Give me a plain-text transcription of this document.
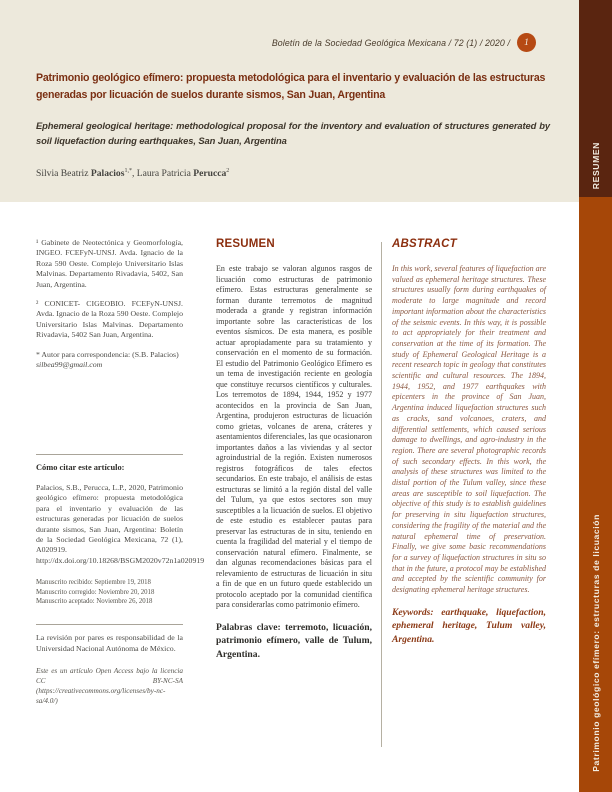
Boletín de la Sociedad Geológica Mexicana / 72 (1) / 2020 / 1
Patrimonio geológico efímero: propuesta metodológica para el inventario y evaluación de las estructuras generadas por licuación de suelos durante sismos, San Juan, Argentina
Ephemeral geological heritage: methodological proposal for the inventory and evaluation of structures generated by soil liquefaction during earthquakes, San Juan, Argentina
Silvia Beatriz Palacios$^{1,*}$, Laura Patricia Perucca$^2$	RESUMEN
Patrimonio geológico efímero: estructuras de licuación

¹ Gabinete de Neotectónica y Geomorfología, INGEO. FCEFyN-UNSJ. Avda. Ignacio de la Roza 590 Oeste. Complejo Universitario Islas Malvinas. Departamento Rivadavia, 5402, San Juan, Argentina.

² CONICET- CIGEOBIO. FCEFyN-UNSJ. Avda. Ignacio de la Roza 590 Oeste. Complejo Universitario Islas Malvinas. Departamento Rivadavia, 5402 San Juan, Argentina.

* Autor para correspondencia: (S.B. Palacios)

silbea99@gmail.com

Cómo citar este artículo:

Palacios, S.B., Perucca, L.P., 2020, Patrimonio geológico efímero: propuesta metodológica para el inventario y evaluación de las estructuras generadas por licuación de suelos durante sismos, San Juan, Argentina: Boletín de la Sociedad Geológica Mexicana, 72 (1), A020919. http://dx.doi.org/10.18268/BSGM2020v72n1a020919

Manuscrito recibido: Septiembre 19, 2018
Manuscrito corregido: Noviembre 20, 2018
Manuscrito aceptado: Noviembre 26, 2018

La revisión por pares es responsabilidad de la Universidad Nacional Autónoma de México.

Este es un artículo Open Access bajo la licencia CC BY-NC-SA (https://creativecommons.org/licenses/by-nc-sa/4.0/)
RESUMEN

En este trabajo se valoran algunos rasgos de licuación como estructuras de patrimonio efímero. Estas estructuras generalmente se forman durante terremotos de magnitud moderada a grande y registran información importante sobre las características de los eventos sísmicos. De esta manera, es posible actuar apropiadamente para su tratamiento y conservación en el momento de su formación. El estudio del Patrimonio Geológico Efímero es un tema de investigación reciente en geología que constituye recursos científicos y culturales. Los terremotos de 1894, 1944, 1952 y 1977 acontecidos en la provincia de San Juan, Argentina, produjeron estructuras de licuación como grietas, volcanes de arena, cráteres y asentamientos diferenciales, las que ocasionaron importantes daños a las viviendas y al sector agroindustrial de la región. Existen numerosos registros fotográficos de tales efectos secundarios. En este trabajo, el análisis de estas estructuras se limitó a la región distal del valle del Tulum, ya que estos sectores son muy susceptibles a la licuación de suelos. El objetivo de este estudio es establecer pautas para preservar las estructuras de in situ, teniendo en cuenta la fragilidad del material y el tiempo de conservación natural efímero. Finalmente, se dan algunas recomendaciones básicas para el relevamiento de estructuras de licuación in situ a fin de que en un futuro quede establecido un protocolo aceptado por la comunidad científica para considerarlas como patrimonio efímero.

Palabras clave: terremoto, licuación, patrimonio efímero, valle de Tulum, Argentina.

ABSTRACT

In this work, several features of liquefaction are valued as ephemeral heritage structures. These structures usually form during earthquakes of moderate to large magnitude and record important information about the characteristics of the seismic events. In this way, it is possible to act appropriately for their treatment and conservation at the time of its formation. The study of Ephemeral Geological Heritage is a recent research topic in geology that constitutes scientific and cultural resources. The 1894, 1944, 1952, and 1977 earthquakes with epicenters in the province of San Juan, Argentina induced liquefaction structures such as cracks, sand volcanoes, craters, and differential settlements, which caused serious damage to dwellings, and agro-industry in the region. There are several photographic records of such secondary effects. In this work, the analysis of these structures was limited to the distal portion of the Tulum valley, since these areas are susceptible to soil liquefaction. The objective of this study is to establish guidelines for preserving in situ liquefaction structures, considering the fragility of the material and the natural ephemeral time of preservation. Finally, we give some basic recommendations for a survey of liquefaction structures in situ so that in the future, a protocol may be established and accepted by the scientific community for designating ephemeral heritage structures.

Keywords: earthquake, liquefaction, ephemeral heritage, Tulum valley, Argentina.
